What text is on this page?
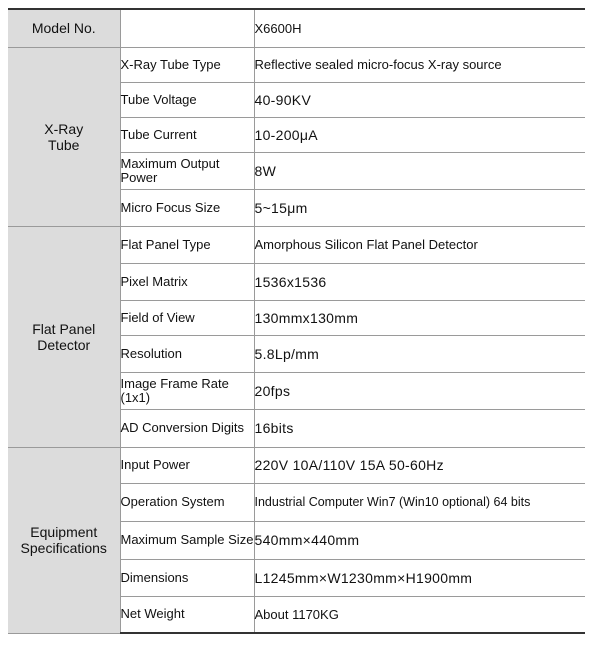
Model No.		X6600H
X-Ray
Tube	X-Ray Tube Type	Reflective sealed micro-focus X-ray source
	Tube Voltage	40-90KV
	Tube Current	10-200μA
	Maximum Output Power	8W
	Micro Focus Size	5~15μm
Flat Panel
Detector	Flat Panel Type	Amorphous Silicon Flat Panel Detector
	Pixel Matrix	1536x1536
	Field of View	130mmx130mm
	Resolution	5.8Lp/mm
	Image Frame Rate (1x1)	20fps
	AD Conversion Digits	16bits
Equipment
Specifications	Input Power	220V 10A/110V 15A 50-60Hz
	Operation System	Industrial Computer Win7 (Win10 optional) 64 bits
	Maximum Sample Size	540mm×440mm
	Dimensions	L1245mm×W1230mm×H1900mm
	Net Weight	About 1170KG
